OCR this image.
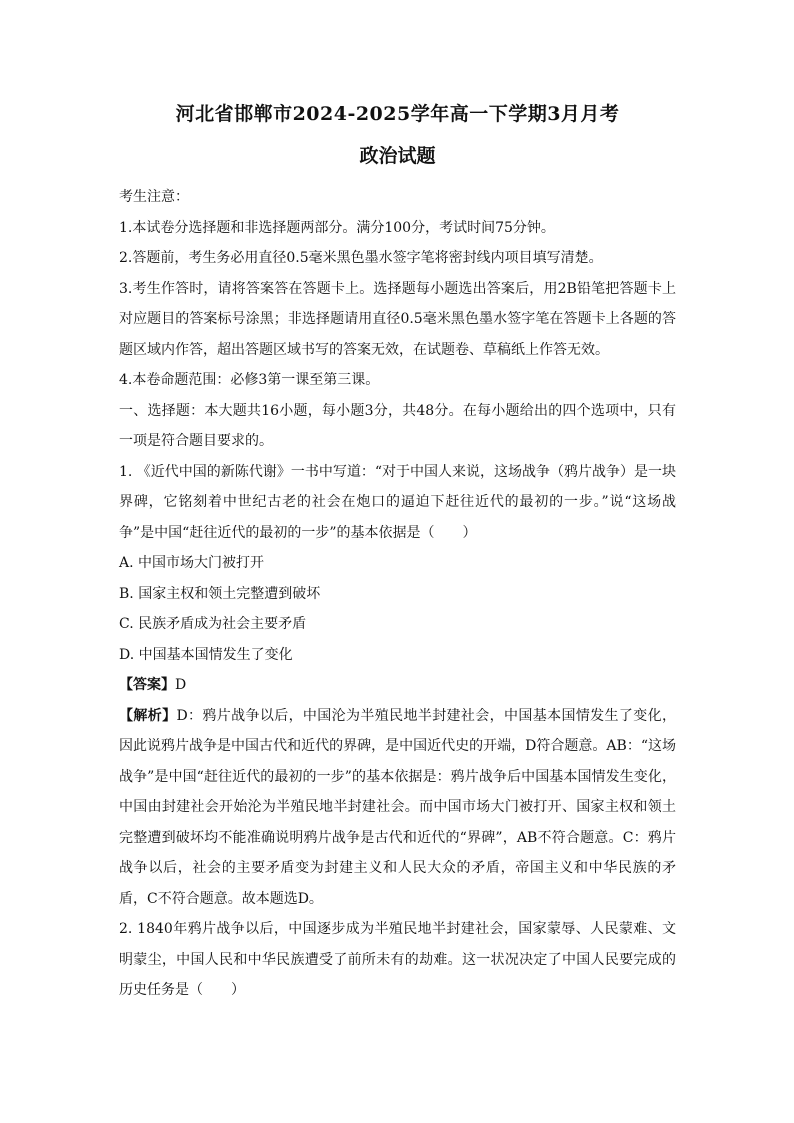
河北省邯郸市2024-2025学年高一下学期3月月考
政治试题

考生注意：

1.本试卷分选择题和非选择题两部分。满分100分，考试时间75分钟。

2.答题前，考生务必用直径0.5毫米黑色墨水签字笔将密封线内项目填写清楚。

3.考生作答时，请将答案答在答题卡上。选择题每小题选出答案后，用2B铅笔把答题卡上对应题目的答案标号涂黑；非选择题请用直径0.5毫米黑色墨水签字笔在答题卡上各题的答题区域内作答，超出答题区域书写的答案无效，在试题卷、草稿纸上作答无效。

4.本卷命题范围：必修3第一课至第三课。

一、选择题：本大题共16小题，每小题3分，共48分。在每小题给出的四个选项中，只有一项是符合题目要求的。

1. 《近代中国的新陈代谢》一书中写道：“对于中国人来说，这场战争（鸦片战争）是一块界碑，它铭刻着中世纪古老的社会在炮口的逼迫下赶往近代的最初的一步。”说“这场战争”是中国“赶往近代的最初的一步”的基本依据是（　　）

A. 中国市场大门被打开

B. 国家主权和领土完整遭到破坏

C. 民族矛盾成为社会主要矛盾

D. 中国基本国情发生了变化

【答案】D

【解析】D：鸦片战争以后，中国沦为半殖民地半封建社会，中国基本国情发生了变化，因此说鸦片战争是中国古代和近代的界碑，是中国近代史的开端，D符合题意。AB：“这场战争”是中国“赶往近代的最初的一步”的基本依据是：鸦片战争后中国基本国情发生变化，中国由封建社会开始沦为半殖民地半封建社会。而中国市场大门被打开、国家主权和领土完整遭到破坏均不能准确说明鸦片战争是古代和近代的“界碑”，AB不符合题意。C：鸦片战争以后，社会的主要矛盾变为封建主义和人民大众的矛盾，帝国主义和中华民族的矛盾，C不符合题意。故本题选D。

2. 1840年鸦片战争以后，中国逐步成为半殖民地半封建社会，国家蒙辱、人民蒙难、文明蒙尘，中国人民和中华民族遭受了前所未有的劫难。这一状况决定了中国人民要完成的历史任务是（　　）
